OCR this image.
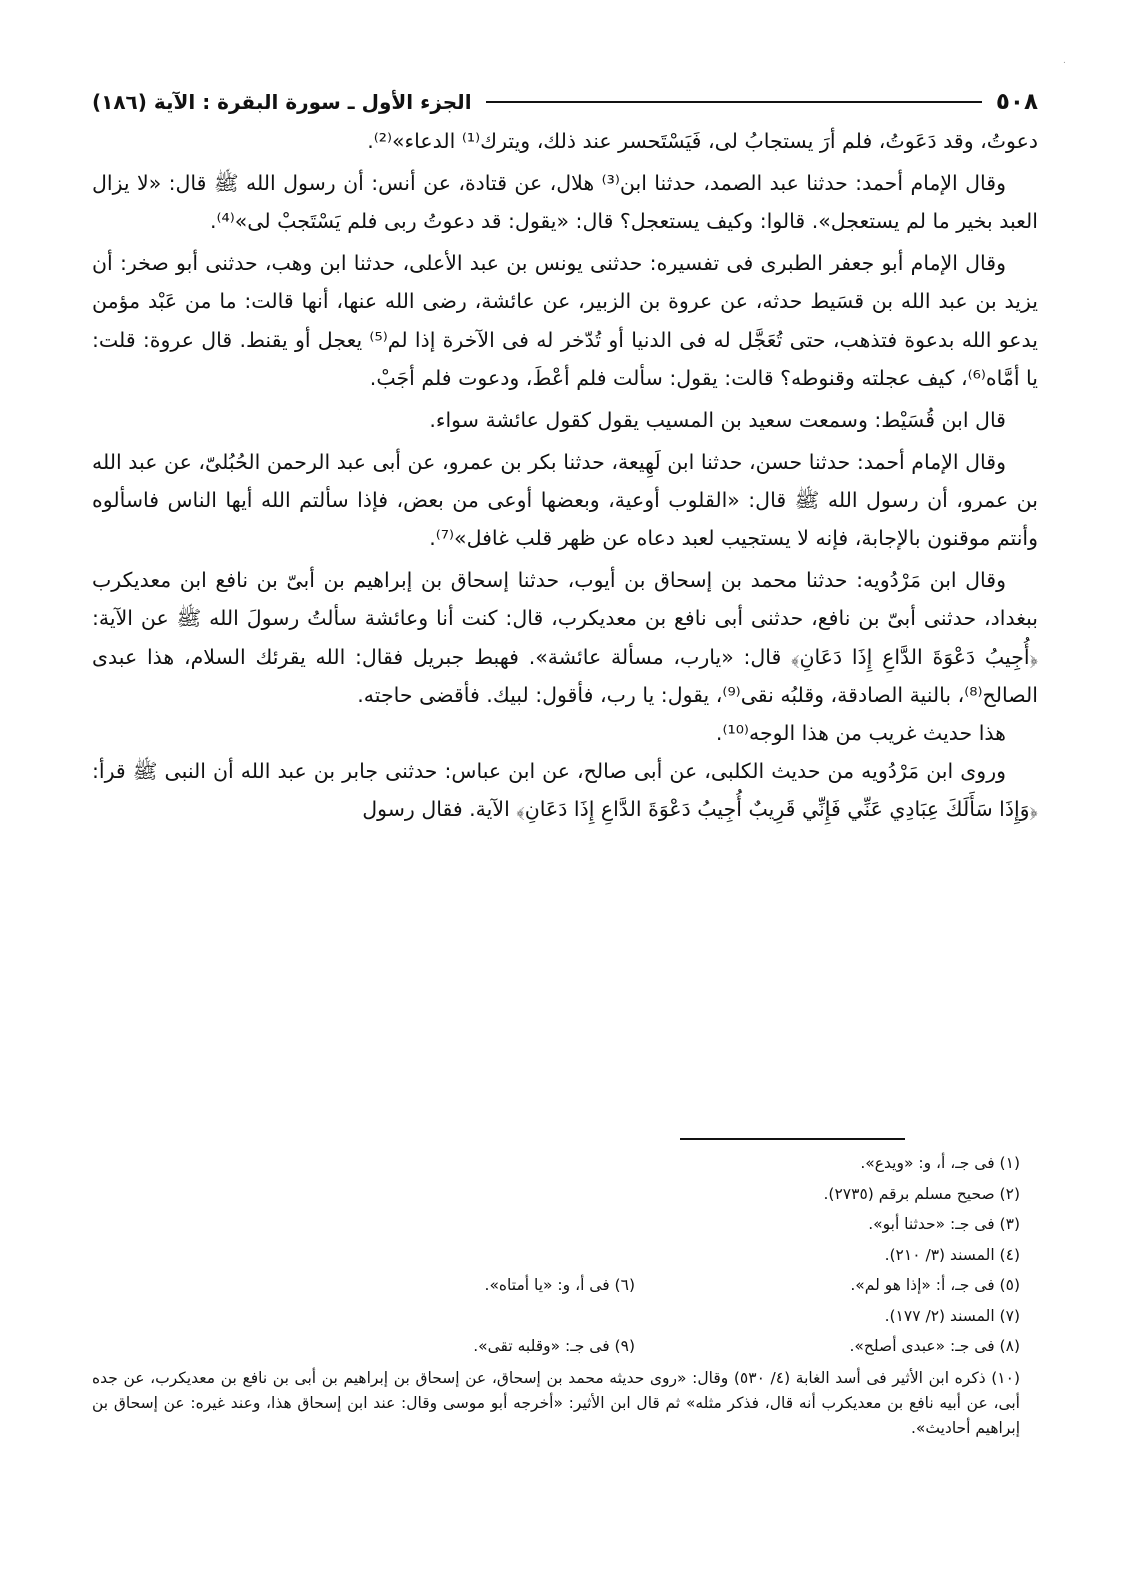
٠
٥٠٨
الجزء الأول ـ سورة البقرة : الآية (١٨٦)

دعوتُ، وقد دَعَوتُ، فلم أرَ يستجابُ لى، فَيَسْتَحسر عند ذلك، ويترك⁽¹⁾ الدعاء»⁽²⁾.

وقال الإمام أحمد: حدثنا عبد الصمد، حدثنا ابن⁽³⁾ هلال، عن قتادة، عن أنس: أن رسول الله ﷺ قال: «لا يزال العبد بخير ما لم يستعجل». قالوا: وكيف يستعجل؟ قال: «يقول: قد دعوتُ ربى فلم يَسْتَجبْ لى»⁽⁴⁾.

وقال الإمام أبو جعفر الطبرى فى تفسيره: حدثنى يونس بن عبد الأعلى، حدثنا ابن وهب، حدثنى أبو صخر: أن يزيد بن عبد الله بن قسَيط حدثه، عن عروة بن الزبير، عن عائشة، رضى الله عنها، أنها قالت: ما من عَبْد مؤمن يدعو الله بدعوة فتذهب، حتى تُعَجَّل له فى الدنيا أو تُدّخر له فى الآخرة إذا لم⁽⁵⁾ يعجل أو يقنط. قال عروة: قلت: يا أمَّاه⁽⁶⁾، كيف عجلته وقنوطه؟ قالت: يقول: سألت فلم أعْطَ، ودعوت فلم أجَبْ.

قال ابن قُسَيْط: وسمعت سعيد بن المسيب يقول كقول عائشة سواء.

وقال الإمام أحمد: حدثنا حسن، حدثنا ابن لَهِيعة، حدثنا بكر بن عمرو، عن أبى عبد الرحمن الحُبُلىّ، عن عبد الله بن عمرو، أن رسول الله ﷺ قال: «القلوب أوعية، وبعضها أوعى من بعض، فإذا سألتم الله أيها الناس فاسألوه وأنتم موقنون بالإجابة، فإنه لا يستجيب لعبد دعاه عن ظهر قلب غافل»⁽⁷⁾.

وقال ابن مَرْدُويه: حدثنا محمد بن إسحاق بن أيوب، حدثنا إسحاق بن إبراهيم بن أبىّ بن نافع ابن معديكرب ببغداد، حدثنى أبىّ بن نافع، حدثنى أبى نافع بن معديكرب، قال: كنت أنا وعائشة سألتُ رسولَ الله ﷺ عن الآية: ﴿أُجِيبُ دَعْوَةَ الدَّاعِ إِذَا دَعَانِ﴾ قال: «يارب، مسألة عائشة». فهبط جبريل فقال: الله يقرئك السلام، هذا عبدى الصالح⁽⁸⁾، بالنية الصادقة، وقلبُه نقى⁽⁹⁾، يقول: يا رب، فأقول: لبيك. فأقضى حاجته.

هذا حديث غريب من هذا الوجه⁽¹⁰⁾.

وروى ابن مَرْدُويه من حديث الكلبى، عن أبى صالح، عن ابن عباس: حدثنى جابر بن عبد الله أن النبى ﷺ قرأ: ﴿وَإِذَا سَأَلَكَ عِبَادِي عَنِّي فَإِنِّي قَرِيبٌ أُجِيبُ دَعْوَةَ الدَّاعِ إِذَا دَعَانِ﴾ الآية. فقال رسول

(١) فى جـ، أ، و: «ويدع».

(٢) صحيح مسلم برقم (٢٧٣٥).

(٣) فى جـ: «حدثنا أبو».

(٤) المسند (٣/ ٢١٠).

(٥) فى جـ، أ: «إذا هو لم».
(٦) فى أ، و: «يا أمتاه».

(٧) المسند (٢/ ١٧٧).

(٨) فى جـ: «عبدى أصلح».
(٩) فى جـ: «وقلبه تقى».

(١٠) ذكره ابن الأثير فى أسد الغابة (٤/ ٥٣٠) وقال: «روى حديثه محمد بن إسحاق، عن إسحاق بن إبراهيم بن أبى بن نافع بن معديكرب، عن جده أبى، عن أبيه نافع بن معديكرب أنه قال، فذكر مثله» ثم قال ابن الأثير: «أخرجه أبو موسى وقال: عند ابن إسحاق هذا، وعند غيره: عن إسحاق بن إبراهيم أحاديث».
